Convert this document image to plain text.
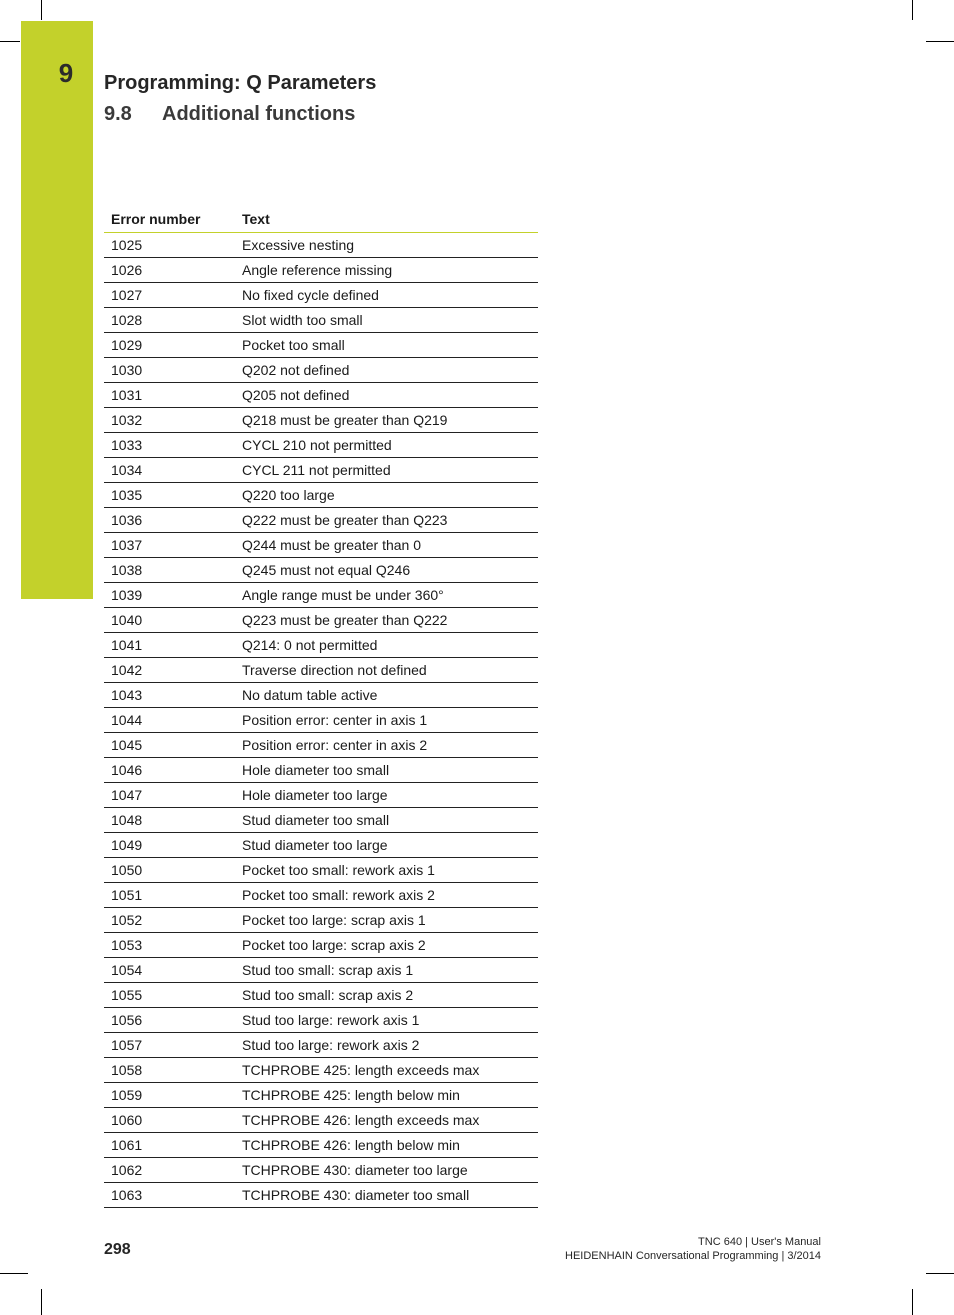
9	Programming: Q Parameters
9.8 Additional functions
Error number	Text
1025	Excessive nesting
1026	Angle reference missing
1027	No fixed cycle defined
1028	Slot width too small
1029	Pocket too small
1030	Q202 not defined
1031	Q205 not defined
1032	Q218 must be greater than Q219
1033	CYCL 210 not permitted
1034	CYCL 211 not permitted
1035	Q220 too large
1036	Q222 must be greater than Q223
1037	Q244 must be greater than 0
1038	Q245 must not equal Q246
1039	Angle range must be under 360°
1040	Q223 must be greater than Q222
1041	Q214: 0 not permitted
1042	Traverse direction not defined
1043	No datum table active
1044	Position error: center in axis 1
1045	Position error: center in axis 2
1046	Hole diameter too small
1047	Hole diameter too large
1048	Stud diameter too small
1049	Stud diameter too large
1050	Pocket too small: rework axis 1
1051	Pocket too small: rework axis 2
1052	Pocket too large: scrap axis 1
1053	Pocket too large: scrap axis 2
1054	Stud too small: scrap axis 1
1055	Stud too small: scrap axis 2
1056	Stud too large: rework axis 1
1057	Stud too large: rework axis 2
1058	TCHPROBE 425: length exceeds max
1059	TCHPROBE 425: length below min
1060	TCHPROBE 426: length exceeds max
1061	TCHPROBE 426: length below min
1062	TCHPROBE 430: diameter too large
1063	TCHPROBE 430: diameter too small
298	TNC 640 | User's Manual
HEIDENHAIN Conversational Programming | 3/2014
